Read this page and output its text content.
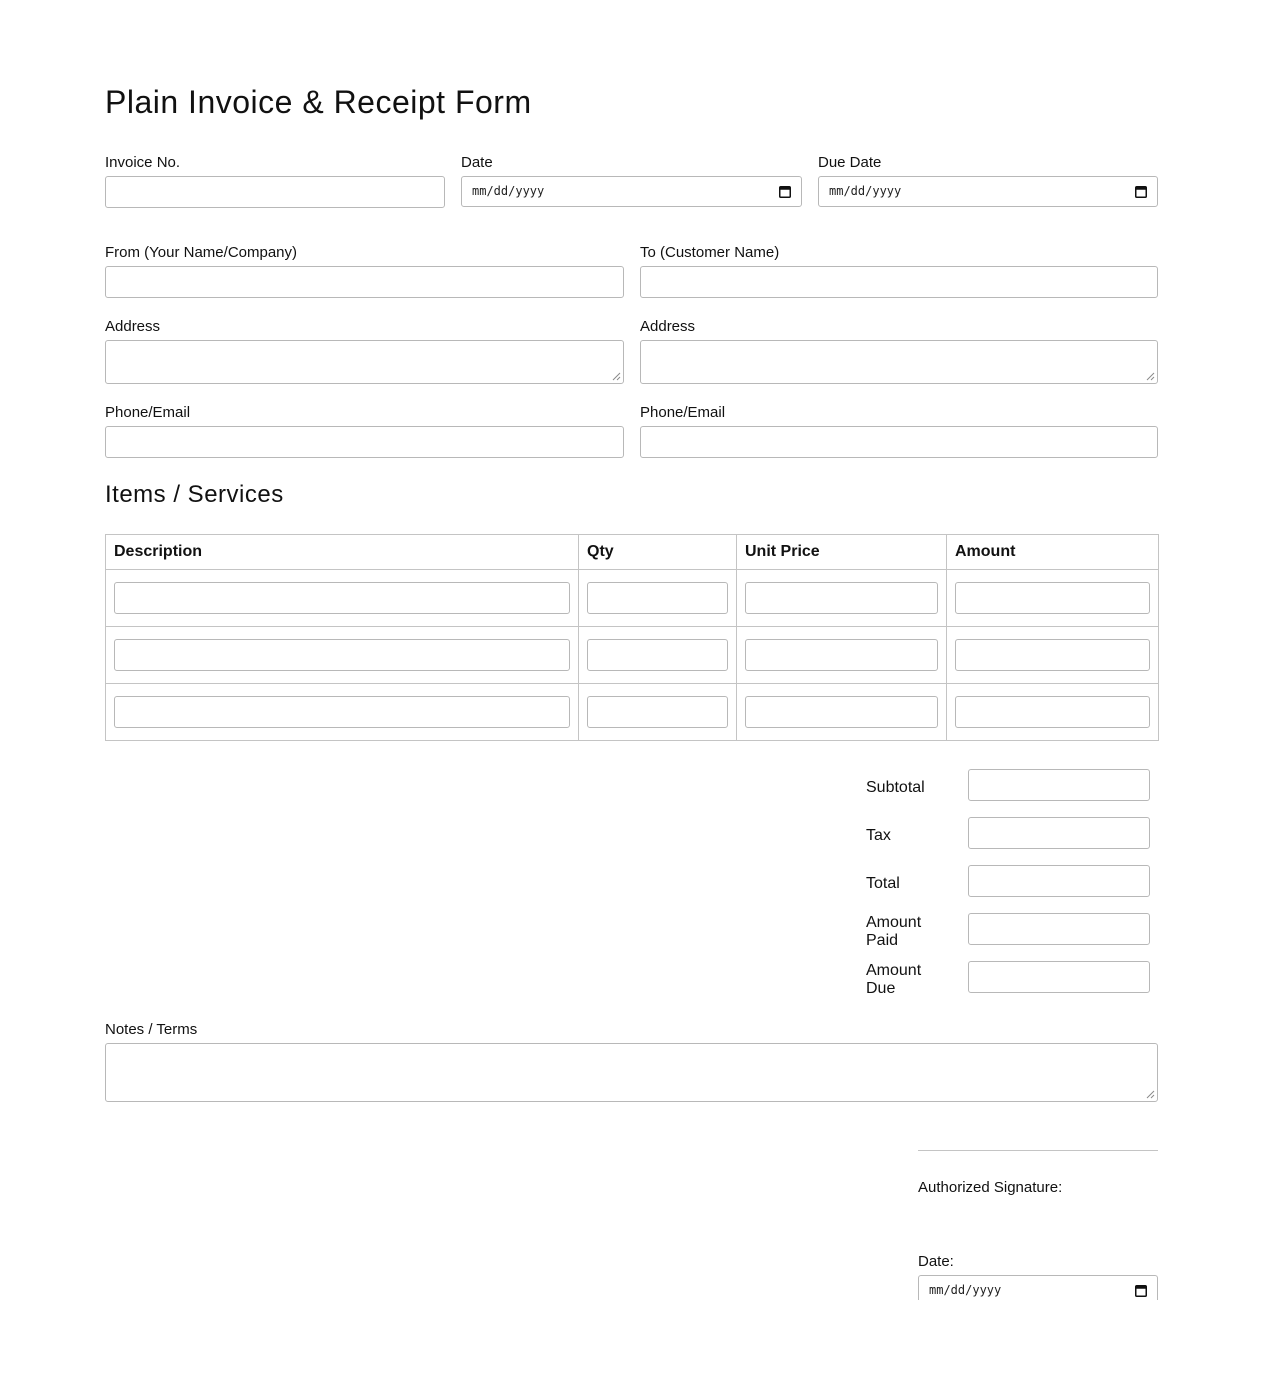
Plain Invoice & Receipt Form
Invoice No.	Date
mm/dd/yyyy
Due Date
mm/dd/yyyy
From (Your Name/Company)	To (Customer Name)
Address	Address
Phone/Email	Phone/Email
Items / Services
Description	Qty	Unit Price	Amount

Subtotal
Tax
Total
Amount Paid
Amount Due
Notes / Terms
Authorized Signature:
Date:
mm/dd/yyyy
